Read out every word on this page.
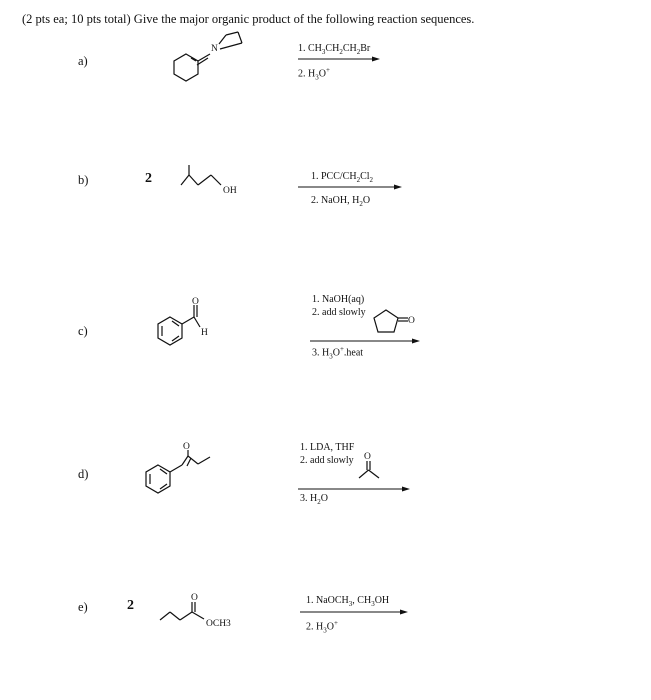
(2 pts ea; 10 pts total) Give the major organic product of the following reaction sequences.
a)
N	1. $CH_3CH_2CH_2Br$
2. $H_3O^+$
b)	2
OH
1. PCC/$CH_2Cl_2$
2. NaOH, $H_2O$
c)
O
H
1. NaOH(aq)
2. add slowly
O
3. $H_3O^+.heat$
d)
O	1. LDA, THF
2. add slowly O
3. $H_2O$
e)	2	O
OCH3
1. NaOCH$_3$, $CH_3OH$
2. $H_3O^+$
